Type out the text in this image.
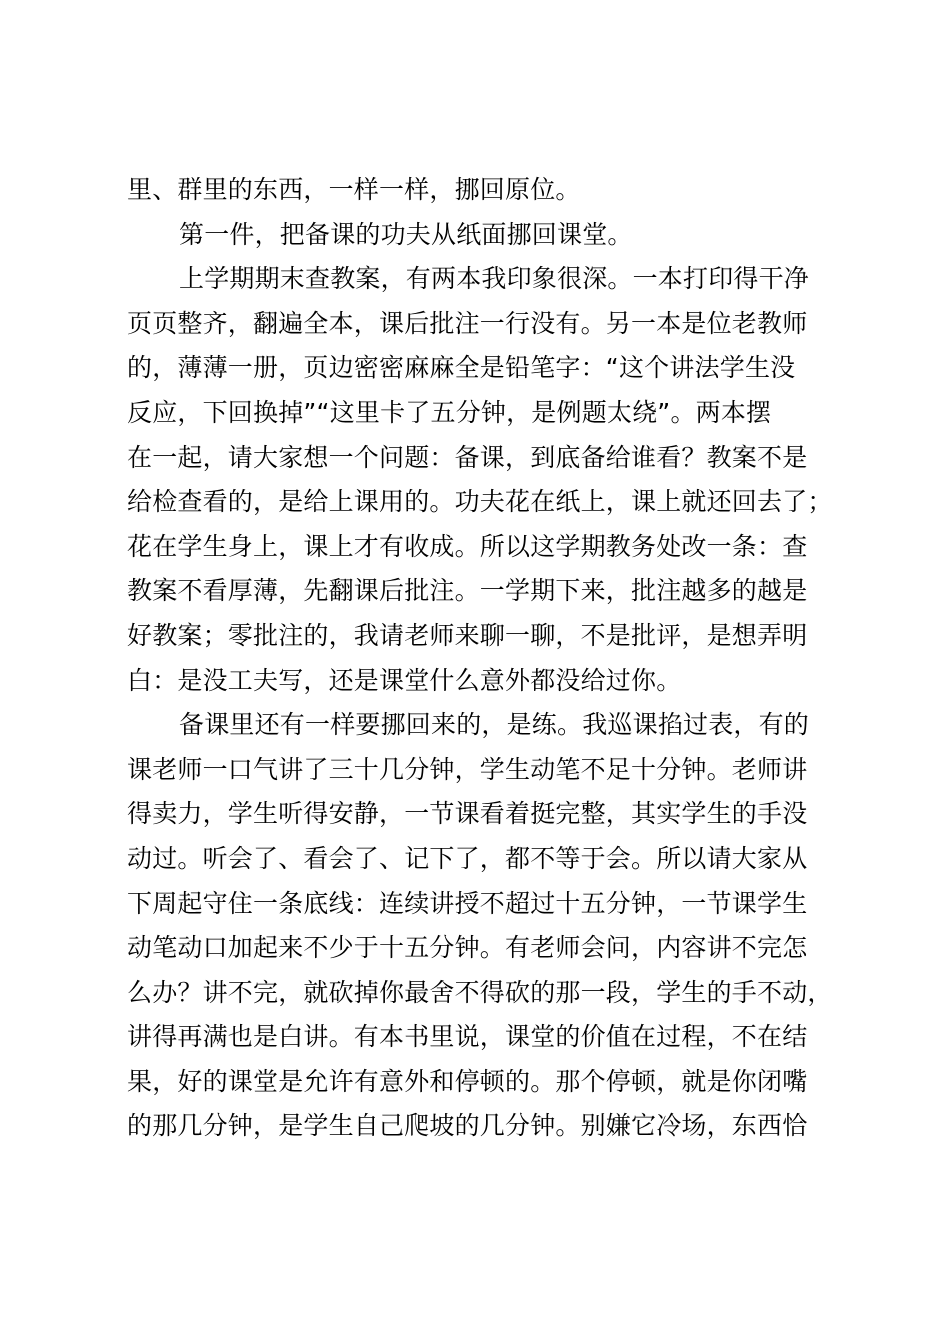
里、群里的东西，一样一样，挪回原位。
第一件，把备课的功夫从纸面挪回课堂。
上学期期末查教案，有两本我印象很深。一本打印得干净
页页整齐，翻遍全本，课后批注一行没有。另一本是位老教师
的，薄薄一册，页边密密麻麻全是铅笔字：“这个讲法学生没
反应，下回换掉”“这里卡了五分钟，是例题太绕”。两本摆
在一起，请大家想一个问题：备课，到底备给谁看？教案不是
给检查看的，是给上课用的。功夫花在纸上，课上就还回去了；
花在学生身上，课上才有收成。所以这学期教务处改一条：查
教案不看厚薄，先翻课后批注。一学期下来，批注越多的越是
好教案；零批注的，我请老师来聊一聊，不是批评，是想弄明
白：是没工夫写，还是课堂什么意外都没给过你。
备课里还有一样要挪回来的，是练。我巡课掐过表，有的
课老师一口气讲了三十几分钟，学生动笔不足十分钟。老师讲
得卖力，学生听得安静，一节课看着挺完整，其实学生的手没
动过。听会了、看会了、记下了，都不等于会。所以请大家从
下周起守住一条底线：连续讲授不超过十五分钟，一节课学生
动笔动口加起来不少于十五分钟。有老师会问，内容讲不完怎
么办？讲不完，就砍掉你最舍不得砍的那一段，学生的手不动，
讲得再满也是白讲。有本书里说，课堂的价值在过程，不在结
果，好的课堂是允许有意外和停顿的。那个停顿，就是你闭嘴
的那几分钟，是学生自己爬坡的几分钟。别嫌它冷场，东西恰
